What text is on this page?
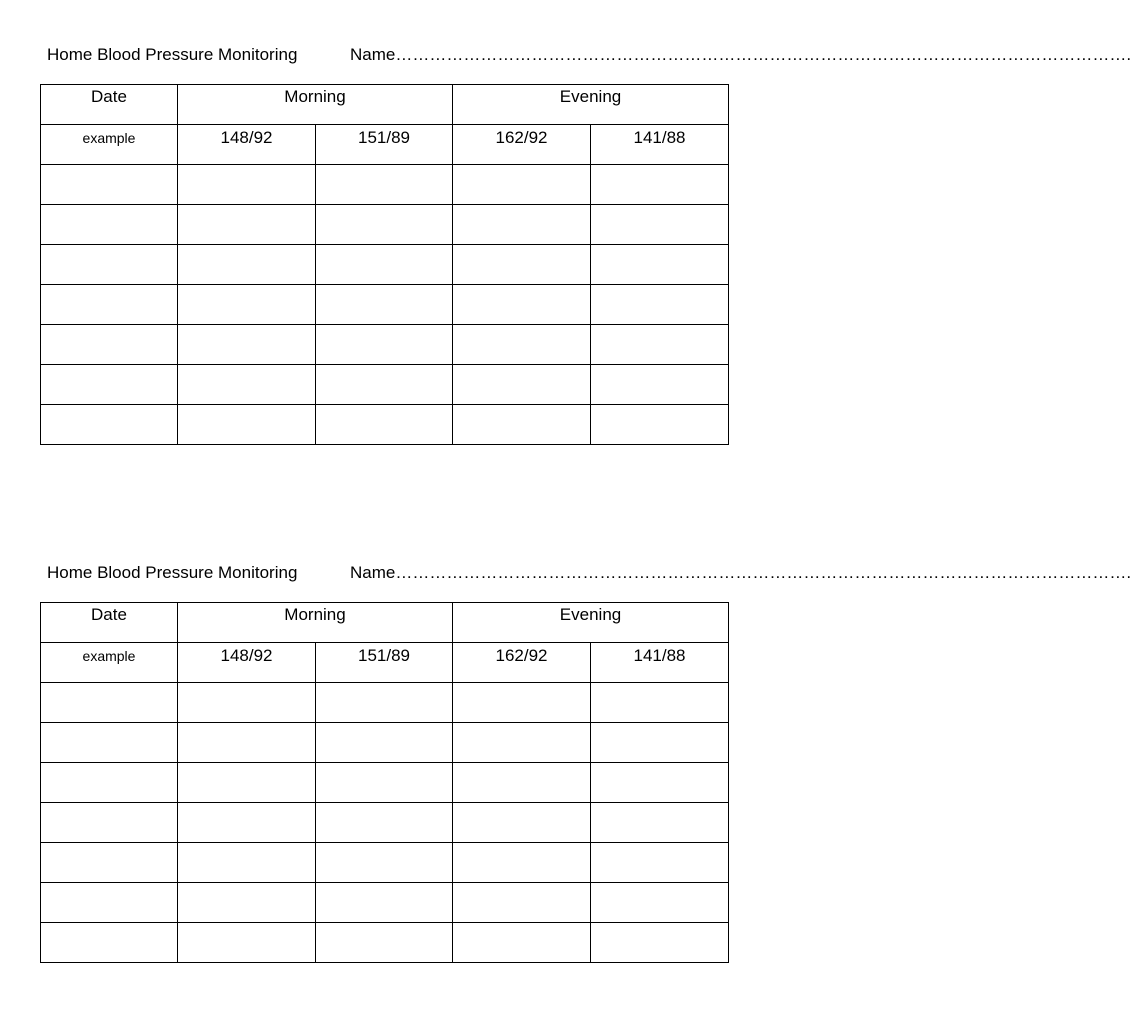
Home Blood Pressure Monitoring	Name………………………………………………………………………………………………………………….
Date	Morning		Evening	

example	148/92	151/89	162/92	141/88

Home Blood Pressure Monitoring	Name………………………………………………………………………………………………………………….
Date	Morning		Evening	

example	148/92	151/89	162/92	141/88
